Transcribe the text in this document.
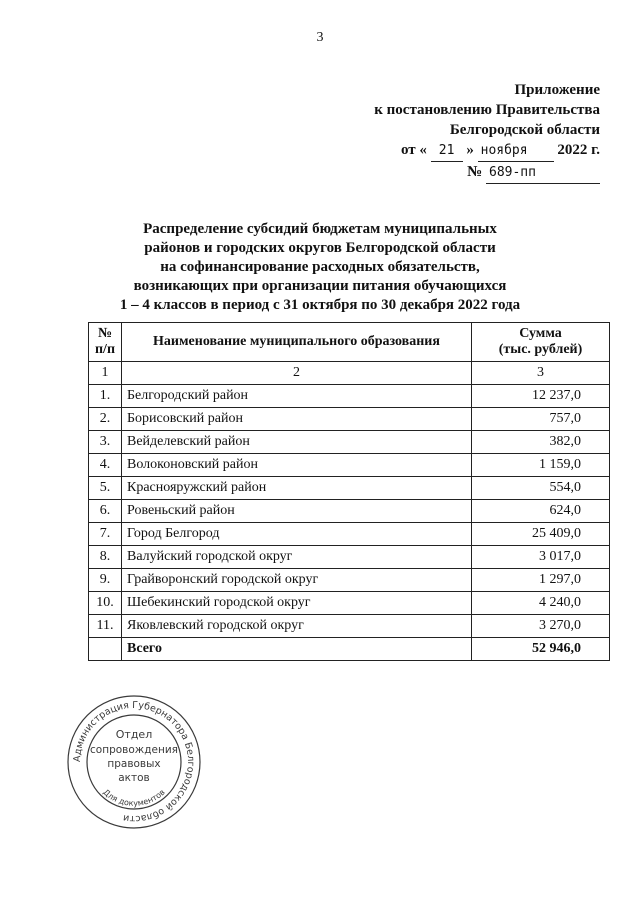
3
Приложение
к постановлению Правительства
Белгородской области
от « 21 » ноября 2022 г.
№ 689-пп
Распределение субсидий бюджетам муниципальных
районов и городских округов Белгородской области
на софинансирование расходных обязательств,
возникающих при организации питания обучающихся
1 – 4 классов в период с 31 октября по 30 декабря 2022 года
№
п/п	Наименование муниципального образования	Сумма
(тыс. рублей)
1	2	3
1.	Белгородский район	12 237,0
2.	Борисовский район	757,0
3.	Вейделевский район	382,0
4.	Волоконовский район	1 159,0
5.	Краснояружский район	554,0
6.	Ровеньский район	624,0
7.	Город Белгород	25 409,0
8.	Валуйский городской округ	3 017,0
9.	Грайворонский городской округ	1 297,0
10.	Шебекинский городской округ	4 240,0
11.	Яковлевский городской округ	3 270,0
	Всего	52 946,0
Администрация Губернатора Белгородской области
Отдел
сопровождения
правовых
актов
Для документов
